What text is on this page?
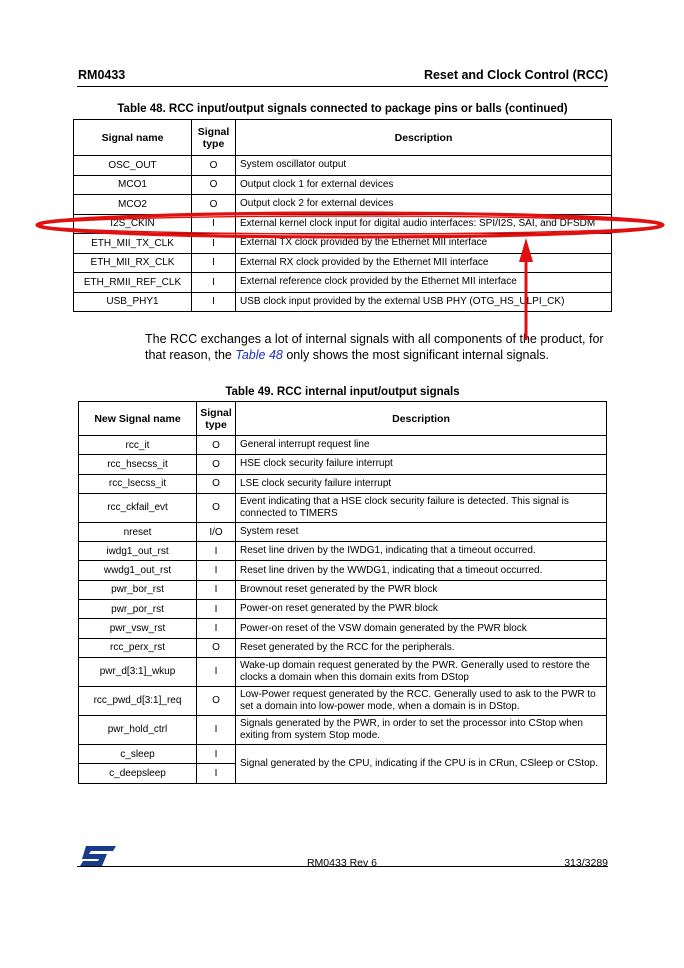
RM0433	Reset and Clock Control (RCC)
Table 48. RCC input/output signals connected to package pins or balls (continued)
Signal name	Signal type	Description
OSC_OUT	O	System oscillator output
MCO1	O	Output clock 1 for external devices
MCO2	O	Output clock 2 for external devices
I2S_CKIN	I	External kernel clock input for digital audio interfaces: SPI/I2S, SAI, and DFSDM
ETH_MII_TX_CLK	I	External TX clock provided by the Ethernet MII interface
ETH_MII_RX_CLK	I	External RX clock provided by the Ethernet MII interface
ETH_RMII_REF_CLK	I	External reference clock provided by the Ethernet MII interface
USB_PHY1	I	USB clock input provided by the external USB PHY (OTG_HS_ULPI_CK)
The RCC exchanges a lot of internal signals with all components of the product, for that reason, the Table 48 only shows the most significant internal signals.
Table 49. RCC internal input/output signals
New Signal name	Signal type	Description
rcc_it	O	General interrupt request line
rcc_hsecss_it	O	HSE clock security failure interrupt
rcc_lsecss_it	O	LSE clock security failure interrupt
rcc_ckfail_evt	O	Event indicating that a HSE clock security failure is detected. This signal is connected to TIMERS
nreset	I/O	System reset
iwdg1_out_rst	I	Reset line driven by the IWDG1, indicating that a timeout occurred.
wwdg1_out_rst	I	Reset line driven by the WWDG1, indicating that a timeout occurred.
pwr_bor_rst	I	Brownout reset generated by the PWR block
pwr_por_rst	I	Power-on reset generated by the PWR block
pwr_vsw_rst	I	Power-on reset of the VSW domain generated by the PWR block
rcc_perx_rst	O	Reset generated by the RCC for the peripherals.
pwr_d[3:1]_wkup	I	Wake-up domain request generated by the PWR. Generally used to restore the clocks a domain when this domain exits from DStop
rcc_pwd_d[3:1]_req	O	Low-Power request generated by the RCC. Generally used to ask to the PWR to set a domain into low-power mode, when a domain is in DStop.
pwr_hold_ctrl	I	Signals generated by the PWR, in order to set the processor into CStop when exiting from system Stop mode.
c_sleep	I	Signal generated by the CPU, indicating if the CPU is in CRun, CSleep or CStop.
c_deepsleep	I	
RM0433 Rev 6	313/3289
